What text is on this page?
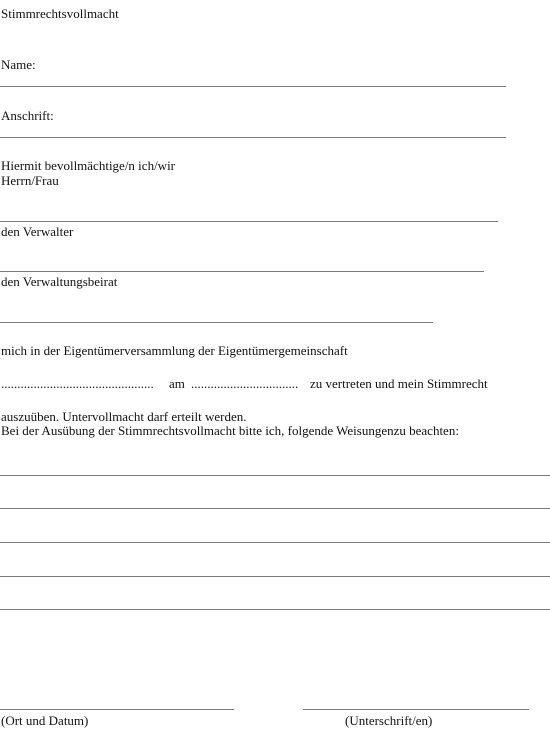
Stimmrechtsvollmacht
Name:
Anschrift:
Hiermit bevollmächtige/n ich/wir
Herrn/Frau
den Verwalter
den Verwaltungsbeirat
mich in der Eigentümerversammlung der Eigentümergemeinschaft
............................................... am ................................. zu vertreten und mein Stimmrecht
auszuüben. Untervollmacht darf erteilt werden.
Bei der Ausübung der Stimmrechtsvollmacht bitte ich, folgende Weisungenzu beachten:
(Ort und Datum)	(Unterschrift/en)
